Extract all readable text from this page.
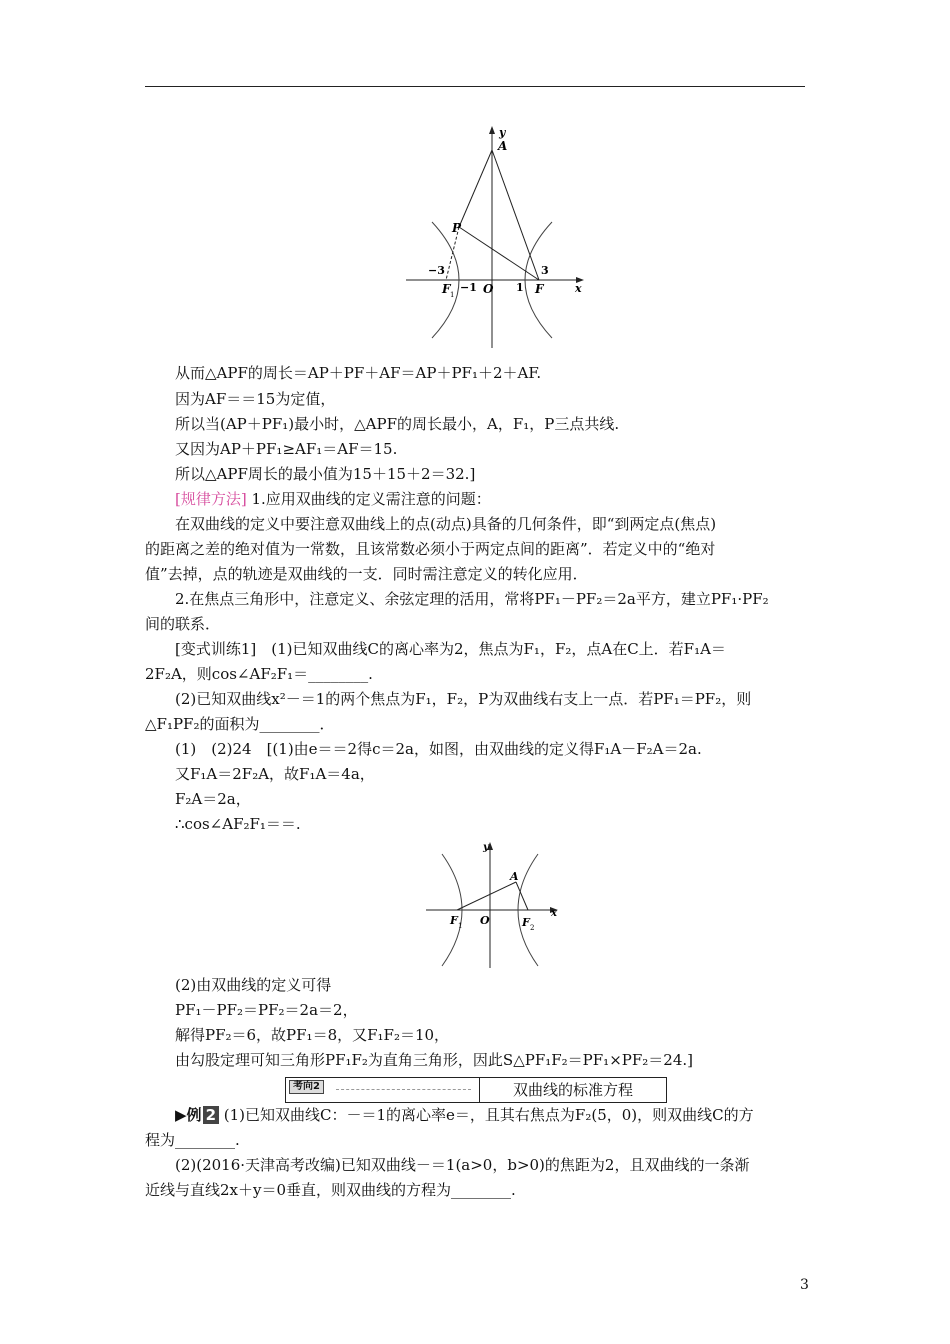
y
A
P
−3
F 1
−1 O 1 F
3
x
从而△APF的周长＝AP＋PF＋AF＝AP＋PF₁＋2＋AF.
因为AF＝＝15为定值，
所以当(AP＋PF₁)最小时，△APF的周长最小，A，F₁，P三点共线.
又因为AP＋PF₁≥AF₁＝AF＝15.
所以△APF周长的最小值为15＋15＋2＝32.]
[规律方法] 1.应用双曲线的定义需注意的问题：
在双曲线的定义中要注意双曲线上的点(动点)具备的几何条件，即“到两定点(焦点)
的距离之差的绝对值为一常数，且该常数必须小于两定点间的距离”．若定义中的“绝对
值”去掉，点的轨迹是双曲线的一支．同时需注意定义的转化应用．
2.在焦点三角形中，注意定义、余弦定理的活用，常将PF₁－PF₂＝2a平方，建立PF₁·PF₂
间的联系．
[变式训练1]　(1)已知双曲线C的离心率为2，焦点为F₁，F₂，点A在C上．若F₁A＝
2F₂A，则cos∠AF₂F₁＝________.
(2)已知双曲线x²－＝1的两个焦点为F₁，F₂，P为双曲线右支上一点．若PF₁＝PF₂，则
△F₁PF₂的面积为________．
(1)　(2)24　[(1)由e＝＝2得c＝2a，如图，由双曲线的定义得F₁A－F₂A＝2a.
又F₁A＝2F₂A，故F₁A＝4a，
F₂A＝2a，
∴cos∠AF₂F₁＝＝.
y
x
A
F 1 O	F 2
(2)由双曲线的定义可得
PF₁－PF₂＝PF₂＝2a＝2，
解得PF₂＝6，故PF₁＝8，又F₁F₂＝10，
由勾股定理可知三角形PF₁F₂为直角三角形，因此S△PF₁F₂＝PF₁×PF₂＝24.]
考向2	双曲线的标准方程
▶例 2 (1)已知双曲线C：－＝1的离心率e＝，且其右焦点为F₂(5，0)，则双曲线C的方
程为________.
(2)(2016·天津高考改编)已知双曲线－＝1(a>0，b>0)的焦距为2，且双曲线的一条渐
近线与直线2x＋y＝0垂直，则双曲线的方程为________.
3
